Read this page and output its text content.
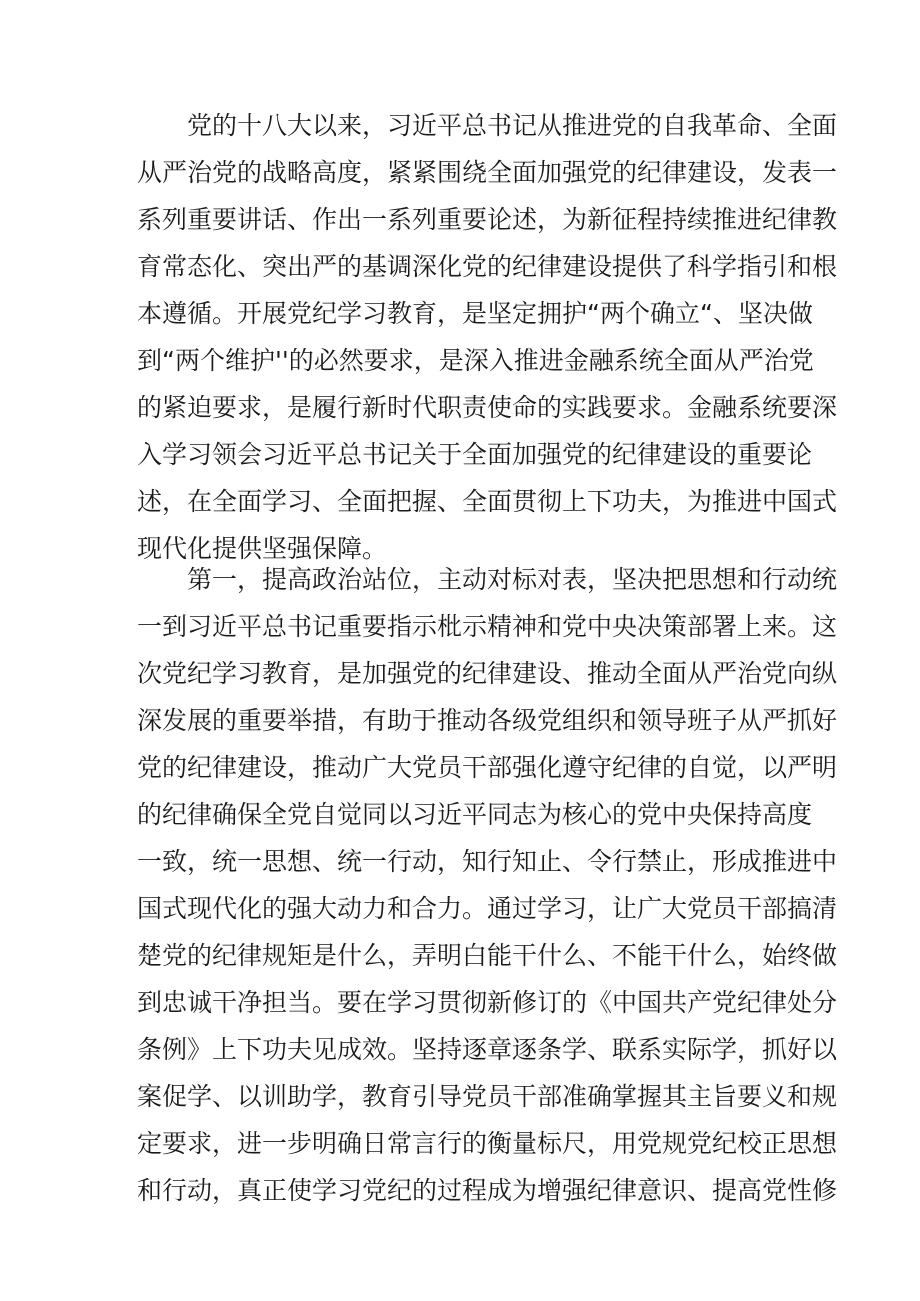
党的十八大以来，习近平总书记从推进党的自我革命、全面

从严治党的战略高度，紧紧围绕全面加强党的纪律建设，发表一

系列重要讲话、作出一系列重要论述，为新征程持续推进纪律教

育常态化、突出严的基调深化党的纪律建设提供了科学指引和根

本遵循。开展党纪学习教育，是坚定拥护“两个确立“、坚决做

到“两个维护''的必然要求，是深入推进金融系统全面从严治党

的紧迫要求，是履行新时代职责使命的实践要求。金融系统要深

入学习领会习近平总书记关于全面加强党的纪律建设的重要论

述，在全面学习、全面把握、全面贯彻上下功夫，为推进中国式

现代化提供坚强保障。

第一，提高政治站位，主动对标对表，坚决把思想和行动统

一到习近平总书记重要指示枇示精神和党中央决策部署上来。这

次党纪学习教育，是加强党的纪律建设、推动全面从严治党向纵

深发展的重要举措，有助于推动各级党组织和领导班子从严抓好

党的纪律建设，推动广大党员干部强化遵守纪律的自觉，以严明

的纪律确保全党自觉同以习近平同志为核心的党中央保持高度

一致，统一思想、统一行动，知行知止、令行禁止，形成推进中

国式现代化的强大动力和合力。通过学习，让广大党员干部搞清

楚党的纪律规矩是什么，弄明白能干什么、不能干什么，始终做

到忠诚干净担当。要在学习贯彻新修订的《中国共产党纪律处分

条例》上下功夫见成效。坚持逐章逐条学、联系实际学，抓好以

案促学、以训助学，教育引导党员干部准确掌握其主旨要义和规

定要求，进一步明确日常言行的衡量标尺，用党规党纪校正思想

和行动，真正使学习党纪的过程成为增强纪律意识、提高党性修
